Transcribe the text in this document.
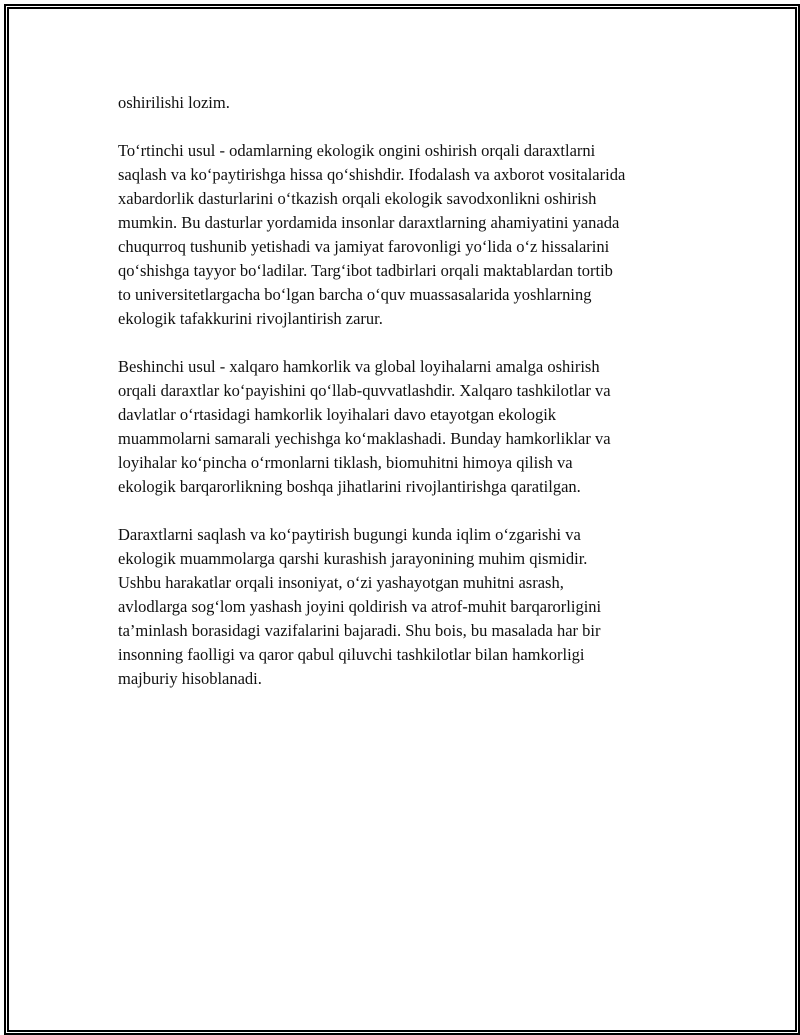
oshirilishi lozim.

To‘rtinchi usul - odamlarning ekologik ongini oshirish orqali daraxtlarni
saqlash va ko‘paytirishga hissa qo‘shishdir. Ifodalash va axborot vositalarida
xabardorlik dasturlarini o‘tkazish orqali ekologik savodxonlikni oshirish
mumkin. Bu dasturlar yordamida insonlar daraxtlarning ahamiyatini yanada
chuqurroq tushunib yetishadi va jamiyat farovonligi yo‘lida o‘z hissalarini
qo‘shishga tayyor bo‘ladilar. Targ‘ibot tadbirlari orqali maktablardan tortib
to universitetlargacha bo‘lgan barcha o‘quv muassasalarida yoshlarning
ekologik tafakkurini rivojlantirish zarur.

Beshinchi usul - xalqaro hamkorlik va global loyihalarni amalga oshirish
orqali daraxtlar ko‘payishini qo‘llab-quvvatlashdir. Xalqaro tashkilotlar va
davlatlar o‘rtasidagi hamkorlik loyihalari davo etayotgan ekologik
muammolarni samarali yechishga ko‘maklashadi. Bunday hamkorliklar va
loyihalar ko‘pincha o‘rmonlarni tiklash, biomuhitni himoya qilish va
ekologik barqarorlikning boshqa jihatlarini rivojlantirishga qaratilgan.

Daraxtlarni saqlash va ko‘paytirish bugungi kunda iqlim o‘zgarishi va
ekologik muammolarga qarshi kurashish jarayonining muhim qismidir.
Ushbu harakatlar orqali insoniyat, o‘zi yashayotgan muhitni asrash,
avlodlarga sog‘lom yashash joyini qoldirish va atrof-muhit barqarorligini
ta’minlash borasidagi vazifalarini bajaradi. Shu bois, bu masalada har bir
insonning faolligi va qaror qabul qiluvchi tashkilotlar bilan hamkorligi
majburiy hisoblanadi.
